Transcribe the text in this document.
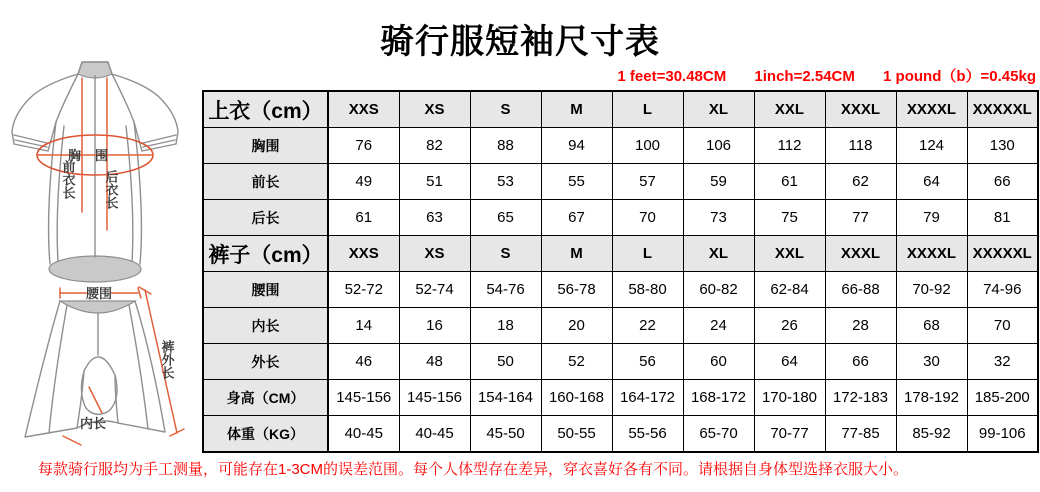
骑行服短袖尺寸表
1 feet=30.48CM 1inch=2.54CM 1 pound（b）=0.45kg
胸围
前衣长 后衣长
腰围
裤外长
内长
上衣（cm）	XXS	XS	S	M	L	XL	XXL	XXXL	XXXXL	XXXXXL
胸围	76	82	88	94	100	106	112	118	124	130
前长	49	51	53	55	57	59	61	62	64	66
后长	61	63	65	67	70	73	75	77	79	81
裤子（cm）	XXS	XS	S	M	L	XL	XXL	XXXL	XXXXL	XXXXXL
腰围	52-72	52-74	54-76	56-78	58-80	60-82	62-84	66-88	70-92	74-96
内长	14	16	18	20	22	24	26	28	68	70
外长	46	48	50	52	56	60	64	66	30	32
身高（CM）	145-156	145-156	154-164	160-168	164-172	168-172	170-180	172-183	178-192	185-200
体重（KG）	40-45	40-45	45-50	50-55	55-56	65-70	70-77	77-85	85-92	99-106
每款骑行服均为手工测量，可能存在1-3CM的误差范围。每个人体型存在差异，穿衣喜好各有不同。请根据自身体型选择衣服大小。
